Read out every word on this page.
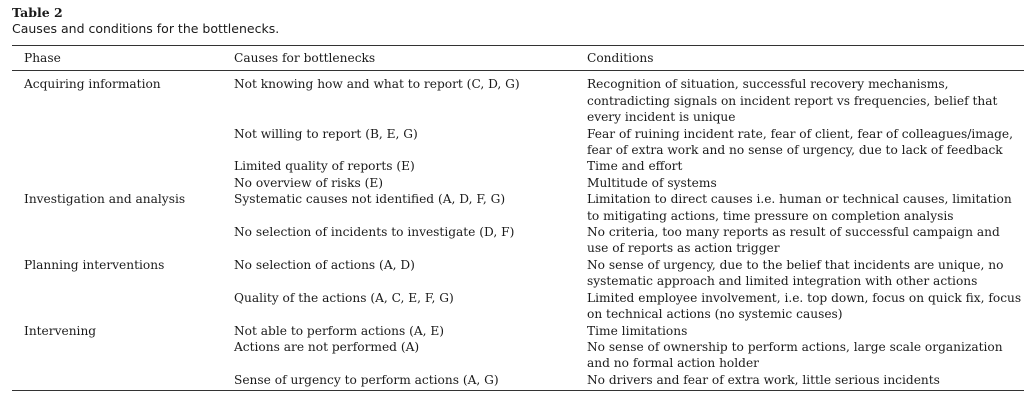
Table 2
Causes and conditions for the bottlenecks.
Phase	Causes for bottlenecks	Conditions
Acquiring information	Not knowing how and what to report (C, D, G)	Recognition of situation, successful recovery mechanisms, contradicting signals on incident report vs frequencies, belief that every incident is unique
	Not willing to report (B, E, G)	Fear of ruining incident rate, fear of client, fear of colleagues/image, fear of extra work and no sense of urgency, due to lack of feedback
	Limited quality of reports (E)	Time and effort
	No overview of risks (E)	Multitude of systems
Investigation and analysis	Systematic causes not identified (A, D, F, G)	Limitation to direct causes i.e. human or technical causes, limitation to mitigating actions, time pressure on completion analysis
	No selection of incidents to investigate (D, F)	No criteria, too many reports as result of successful campaign and use of reports as action trigger
Planning interventions	No selection of actions (A, D)	No sense of urgency, due to the belief that incidents are unique, no systematic approach and limited integration with other actions
	Quality of the actions (A, C, E, F, G)	Limited employee involvement, i.e. top down, focus on quick fix, focus on technical actions (no systemic causes)
Intervening	Not able to perform actions (A, E)	Time limitations
	Actions are not performed (A)	No sense of ownership to perform actions, large scale organization and no formal action holder
	Sense of urgency to perform actions (A, G)	No drivers and fear of extra work, little serious incidents
